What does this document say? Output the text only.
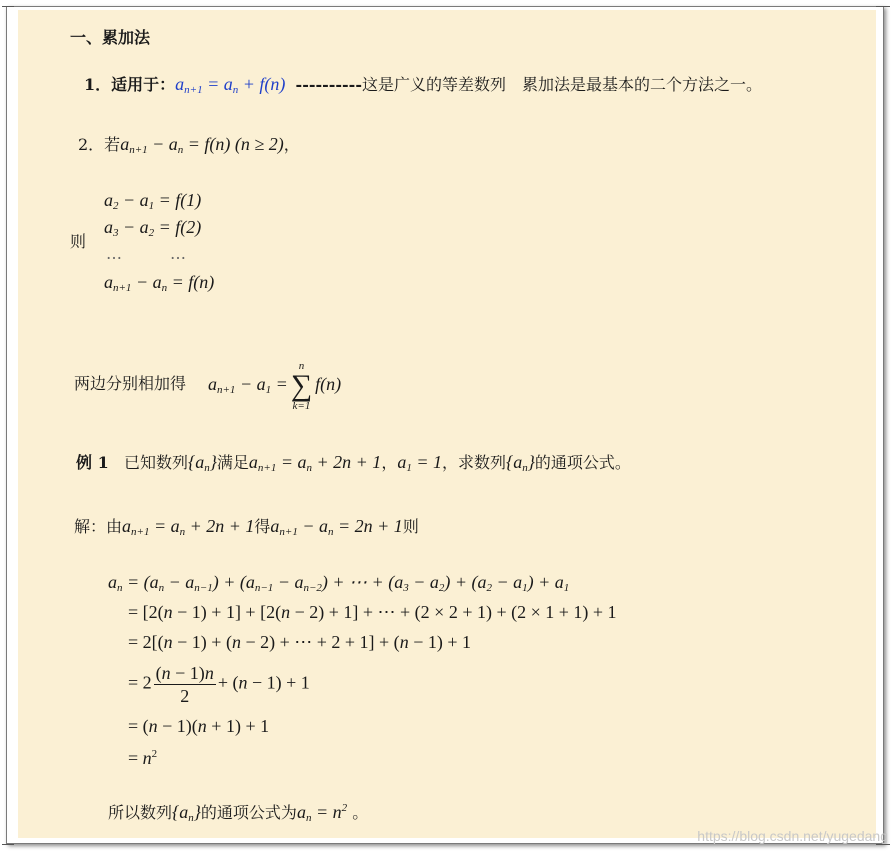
一、累加法
1．适用于：$a_{n+1} = a_n + f(n)$ ----------这是广义的等差数列　累加法是最基本的二个方法之一。
2．若$a_{n+1} - a_n = f(n) (n \ge 2)$，
则
$a_2 - a_1 = f(1)$
$a_3 - a_2 = f(2)$
…	…
$a_{n+1} - a_n = f(n)$
两边分别相加得 $a_{n+1} - a_1$ =
n
∑
k=1
f(n)
例 1 已知数列$\{a_n\}$满足$a_{n+1} = a_n + 2n + 1$，$a_1 = 1$，求数列$\{a_n\}$的通项公式。
解：由$a_{n+1} = a_n + 2n + 1$得$a_{n+1} - a_n = 2n + 1$则
$a_n = (a_n - a_{n-1}) + (a_{n-1} - a_{n-2})$ + ⋯ + $(a_3 - a_2) + (a_2 - a_1) + a_1$
= [2(n − 1) + 1] + [2(n − 2) + 1] + ⋯ + (2 × 2 + 1) + (2 × 1 + 1) + 1
= 2[(n − 1) + (n − 2) + ⋯ + 2 + 1] + (n − 1) + 1
= $2 \frac{(n - 1)n}{2} + (n - 1) + 1$
= (n − 1)(n + 1) + 1
= $n^2$
所以数列$\{a_n\}$的通项公式为$a_n = n^2$ 。
https://blog.csdn.net/yugedang
